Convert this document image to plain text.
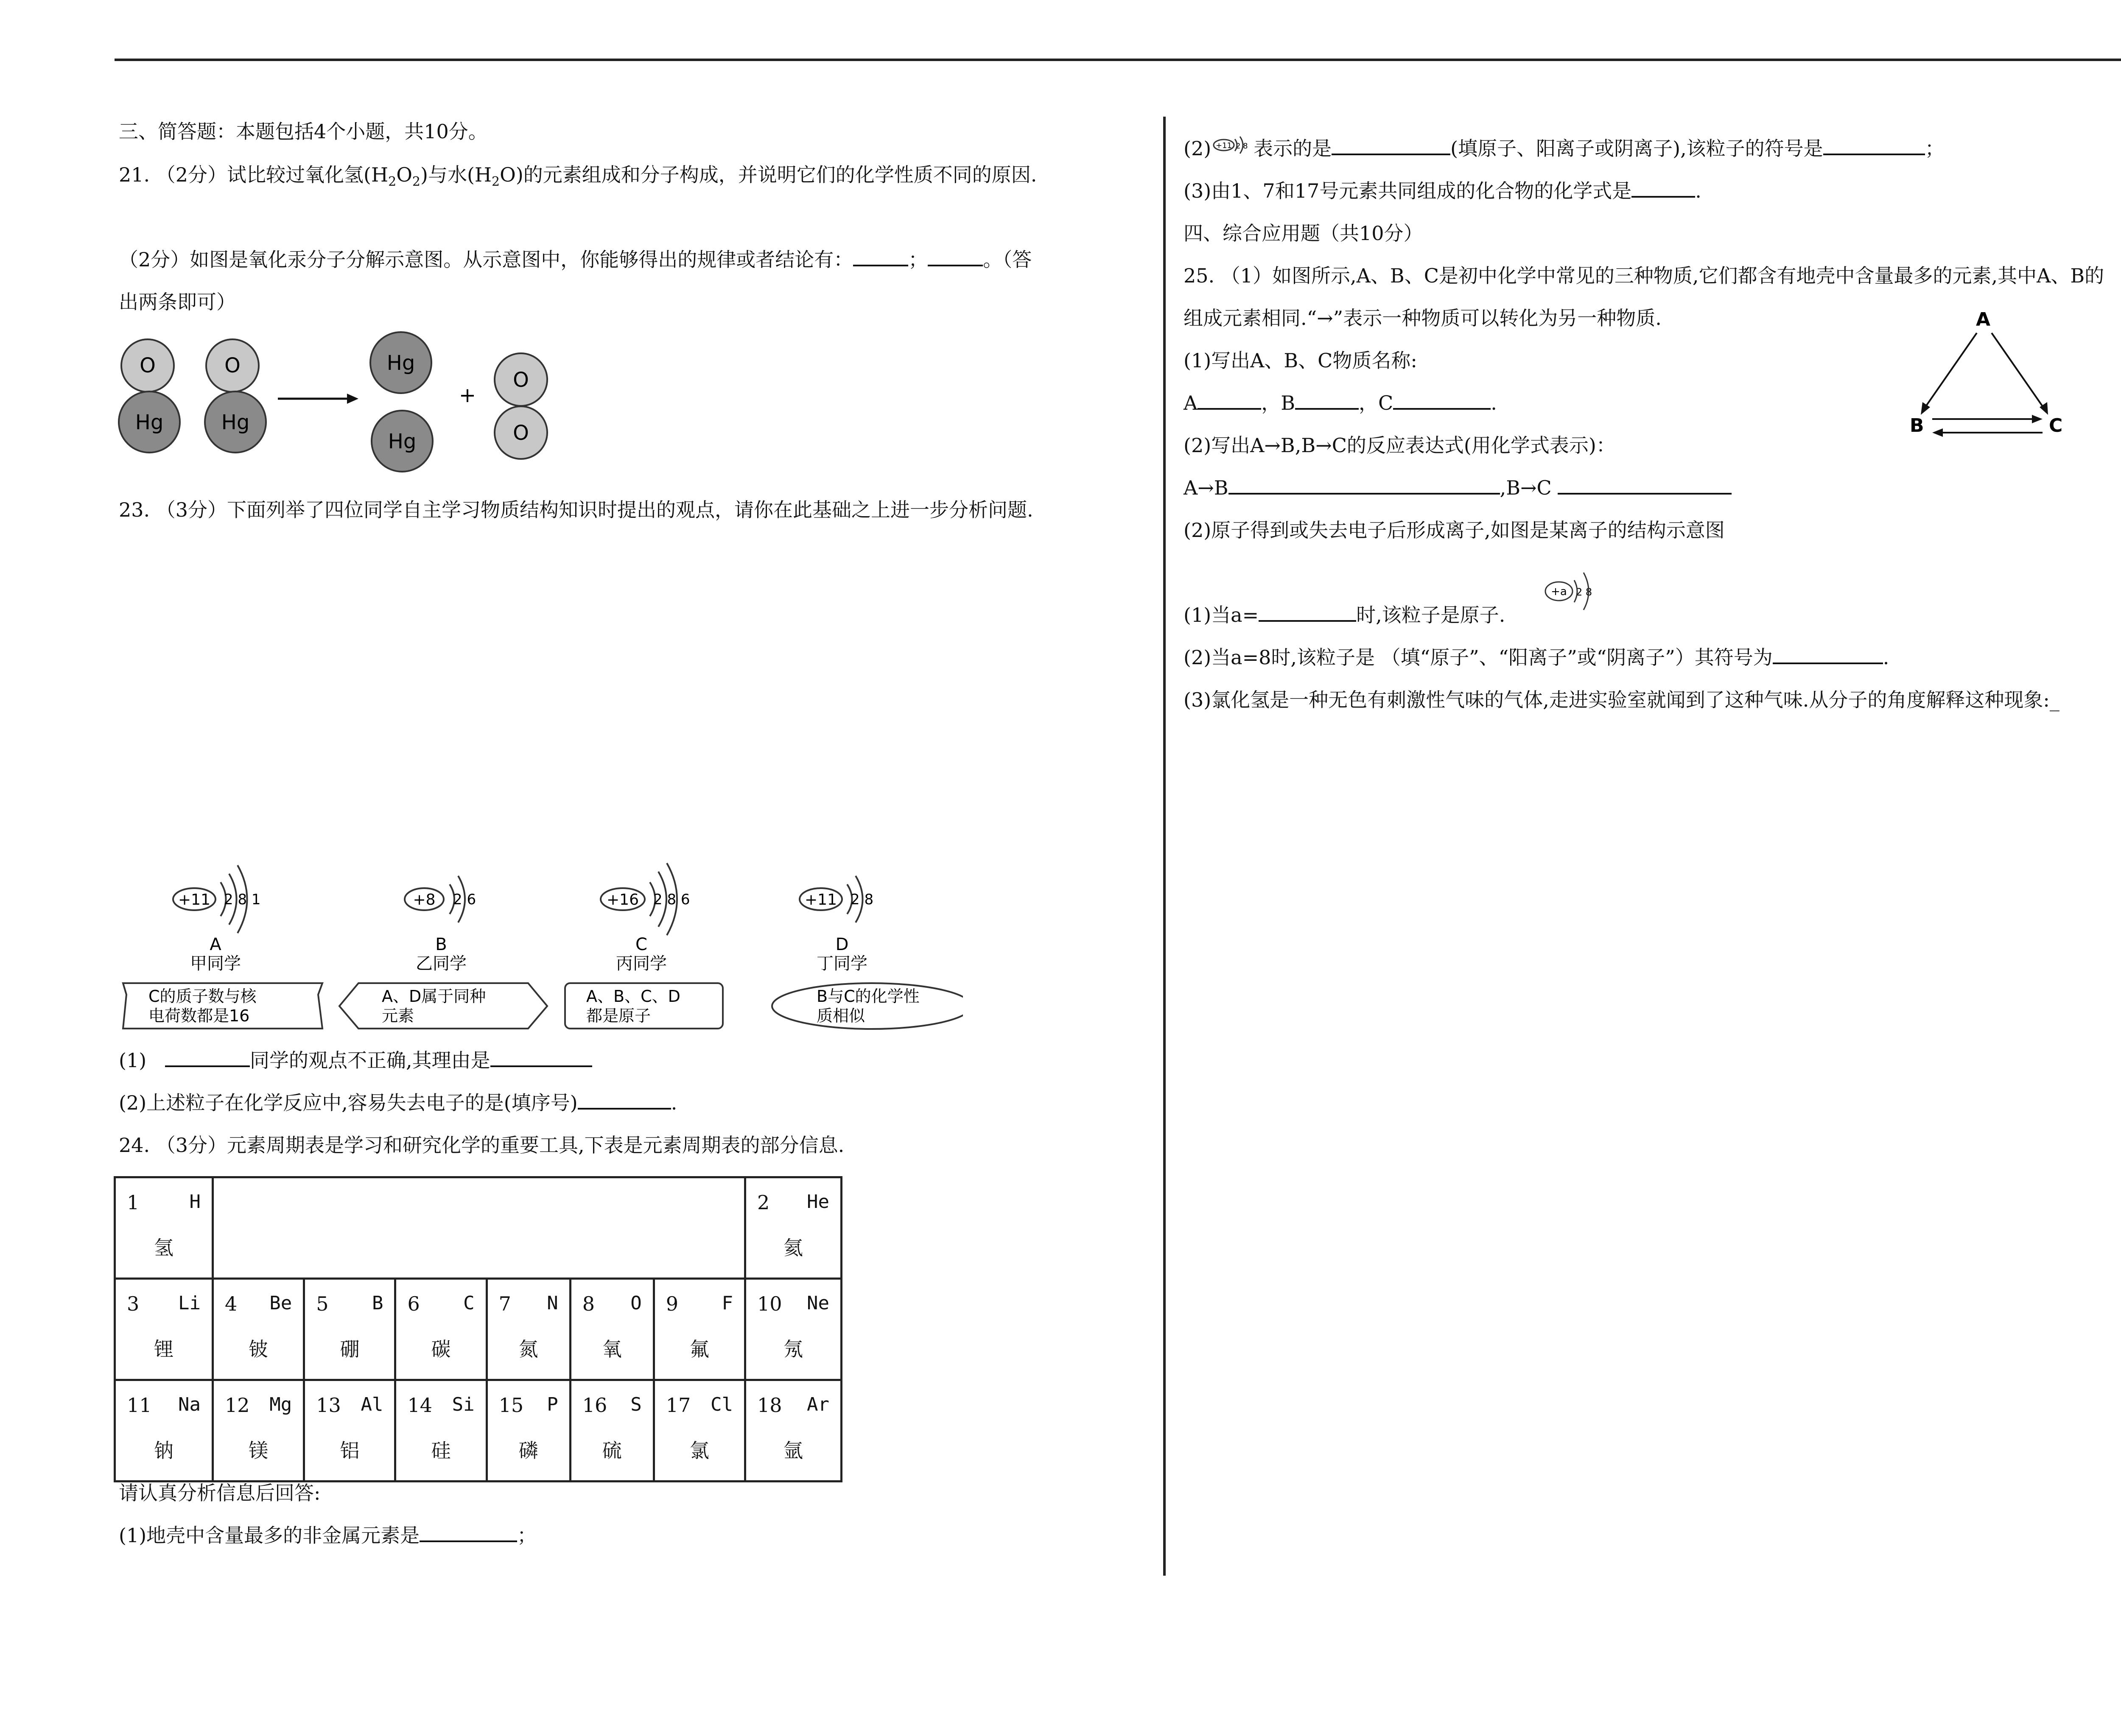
三、简答题：本题包括4个小题，共10分。
21. （2分）试比较过氧化氢$(H_2O_2)$与水$(H_2O)$的元素组成和分子构成，并说明它们的化学性质不同的原因.
（2分）如图是氧化汞分子分解示意图。从示意图中，你能够得出的规律或者结论有：	；	。（答
出两条即可）
O
Hg
O
Hg
Hg
Hg
O
O
+
23. （3分）下面列举了四位同学自主学习物质结构知识时提出的观点，请你在此基础之上进一步分析问题.
+11	+8	+16	+11
2 8 1	2 6	2 8 6	2 8
A
甲同学
B
乙同学
C
丙同学
D
丁同学
C的质子数与核
电荷数都是16
A、D属于同种
元素
A、B、C、D
都是原子
B与C的化学性
质相似
(1)	同学的观点不正确,其理由是
(2)上述粒子在化学反应中,容易失去电子的是(填序号)	.
24. （3分）元素周期表是学习和研究化学的重要工具,下表是元素周期表的部分信息.
1 H
氢							2 He
氦

3 Li
锂	4 Be
铍	5 B
硼	6 C
碳	7 N
氮	8 O
氧	9 F
氟	10 Ne
氖

11 Na
钠	12 Mg
镁	13 Al
铝	14 Si
硅	15 P
磷	16 S
硫	17 Cl
氯	18 Ar
氩
请认真分析信息后回答:
(1)地壳中含量最多的非金属元素是	；
(2) +11 2 8 表示的是	(填原子、阳离子或阴离子),该粒子的符号是	；
(3)由1、7和17号元素共同组成的化合物的化学式是	.
四、综合应用题（共10分）
25. （1）如图所示,A、B、C是初中化学中常见的三种物质,它们都含有地壳中含量最多的元素,其中A、B的
组成元素相同.“→”表示一种物质可以转化为另一种物质.
(1)写出A、B、C物质名称:
A	，B	，C	.
(2)写出A→B,B→C的反应表达式(用化学式表示)：
A→B	,B→C
A
B	C
(2)原子得到或失去电子后形成离子,如图是某离子的结构示意图
+a 2 8
(1)当a=	时,该粒子是原子.
(2)当a=8时,该粒子是 （填“原子”、“阳离子”或“阴离子”）其符号为	.
(3)氯化氢是一种无色有刺激性气味的气体,走进实验室就闻到了这种气味.从分子的角度解释这种现象:_
